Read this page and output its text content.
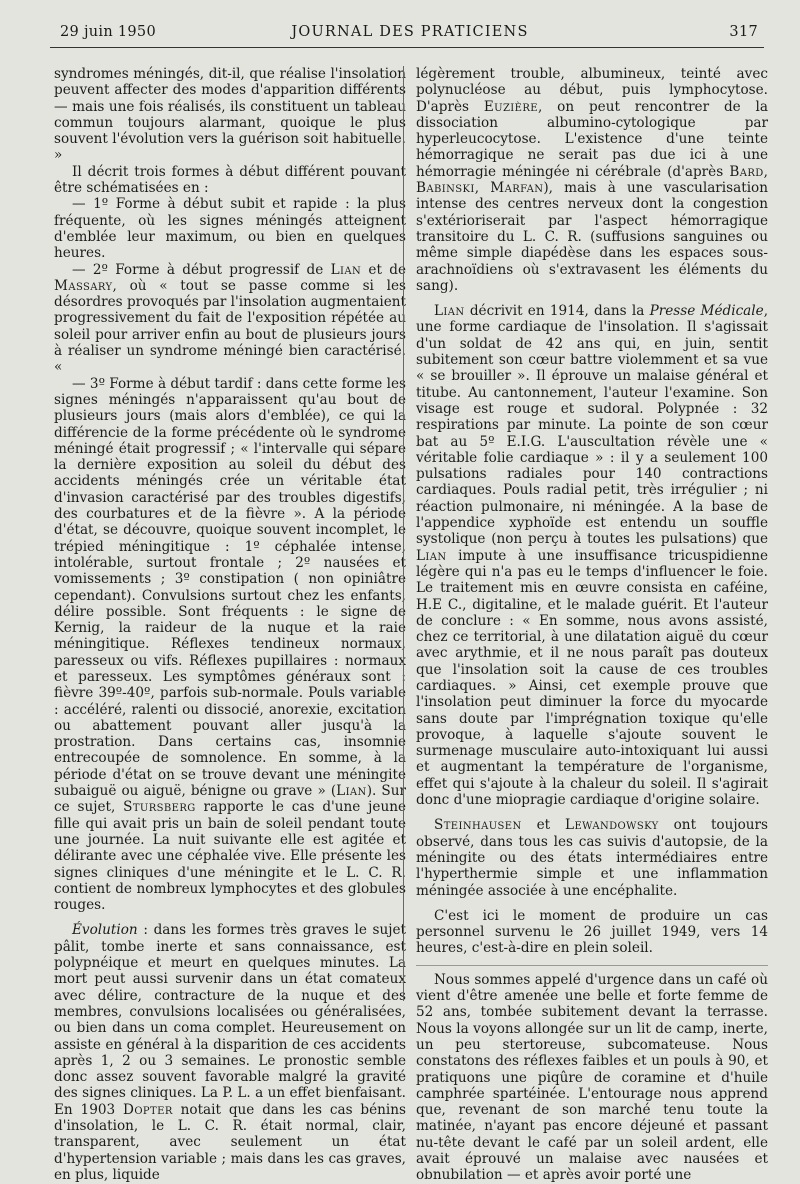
29 juin 1950	JOURNAL DES PRATICIENS	317

syndromes méningés, dit-il, que réalise l'insolation peuvent affecter des modes d'apparition différents — mais une fois réalisés, ils constituent un tableau commun toujours alarmant, quoique le plus souvent l'évolution vers la guérison soit habituelle. »

Il décrit trois formes à début différent pouvant être schématisées en :

— 1º Forme à début subit et rapide : la plus fréquente, où les signes méningés atteignent d'emblée leur maximum, ou bien en quelques heures.

— 2º Forme à début progressif de Lian et de Massary, où « tout se passe comme si les désordres provoqués par l'insolation augmentaient progressivement du fait de l'exposition répétée au soleil pour arriver enfin au bout de plusieurs jours à réaliser un syndrome méningé bien caractérisé. «

— 3º Forme à début tardif : dans cette forme les signes méningés n'apparaissent qu'au bout de plusieurs jours (mais alors d'emblée), ce qui la différencie de la forme précédente où le syndrome méningé était progressif ; « l'intervalle qui sépare la dernière exposition au soleil du début des accidents méningés crée un véritable état d'invasion caractérisé par des troubles digestifs, des courbatures et de la fièvre ». A la période d'état, se découvre, quoique souvent incomplet, le trépied méningitique : 1º céphalée intense, intolérable, surtout frontale ; 2º nausées et vomissements ; 3º constipation ( non opiniâtre cependant). Convulsions surtout chez les enfants, délire possible. Sont fréquents : le signe de Kernig, la raideur de la nuque et la raie méningitique. Réflexes tendineux normaux, paresseux ou vifs. Réflexes pupillaires : normaux et paresseux. Les symptômes généraux sont : fièvre 39º-40º, parfois sub-normale. Pouls variable : accéléré, ralenti ou dissocié, anorexie, excitation ou abattement pouvant aller jusqu'à la prostration. Dans certains cas, insomnie entrecoupée de somnolence. En somme, à la période d'état on se trouve devant une méningite subaiguë ou aiguë, bénigne ou grave » (Lian). Sur ce sujet, Stursberg rapporte le cas d'une jeune fille qui avait pris un bain de soleil pendant toute une journée. La nuit suivante elle est agitée et délirante avec une céphalée vive. Elle présente les signes cliniques d'une méningite et le L. C. R. contient de nombreux lymphocytes et des globules rouges.

Évolution : dans les formes très graves le sujet pâlit, tombe inerte et sans connaissance, est polypnéique et meurt en quelques minutes. La mort peut aussi survenir dans un état comateux avec délire, contracture de la nuque et des membres, convulsions localisées ou généralisées, ou bien dans un coma complet. Heureusement on assiste en général à la disparition de ces accidents après 1, 2 ou 3 semaines. Le pronostic semble donc assez souvent favorable malgré la gravité des signes cliniques. La P. L. a un effet bienfaisant. En 1903 Dopter notait que dans les cas bénins d'insolation, le L. C. R. était normal, clair, transparent, avec seulement un état d'hypertension variable ; mais dans les cas graves, en plus, liquide

légèrement trouble, albumineux, teinté avec polynucléose au début, puis lymphocytose. D'après Euzière, on peut rencontrer de la dissociation albumino-cytologique par hyperleucocytose. L'existence d'une teinte hémorragique ne serait pas due ici à une hémorragie méningée ni cérébrale (d'après Bard, Babinski, Marfan), mais à une vascularisation intense des centres nerveux dont la congestion s'extérioriserait par l'aspect hémorragique transitoire du L. C. R. (suffusions sanguines ou même simple diapédèse dans les espaces sous-arachnoïdiens où s'extravasent les éléments du sang).

Lian décrivit en 1914, dans la Presse Médicale, une forme cardiaque de l'insolation. Il s'agissait d'un soldat de 42 ans qui, en juin, sentit subitement son cœur battre violemment et sa vue « se brouiller ». Il éprouve un malaise général et titube. Au cantonnement, l'auteur l'examine. Son visage est rouge et sudoral. Polypnée : 32 respirations par minute. La pointe de son cœur bat au 5º E.I.G. L'auscultation révèle une « véritable folie cardiaque » : il y a seulement 100 pulsations radiales pour 140 contractions cardiaques. Pouls radial petit, très irrégulier ; ni réaction pulmonaire, ni méningée. A la base de l'appendice xyphoïde est entendu un souffle systolique (non perçu à toutes les pulsations) que Lian impute à une insuffisance tricuspidienne légère qui n'a pas eu le temps d'influencer le foie. Le traitement mis en œuvre consista en caféine, H.E C., digitaline, et le malade guérit. Et l'auteur de conclure : « En somme, nous avons assisté, chez ce territorial, à une dilatation aiguë du cœur avec arythmie, et il ne nous paraît pas douteux que l'insolation soit la cause de ces troubles cardiaques. » Ainsi, cet exemple prouve que l'insolation peut diminuer la force du myocarde sans doute par l'imprégnation toxique qu'elle provoque, à laquelle s'ajoute souvent le surmenage musculaire auto-intoxiquant lui aussi et augmentant la température de l'organisme, effet qui s'ajoute à la chaleur du soleil. Il s'agirait donc d'une miopragie cardiaque d'origine solaire.

Steinhausen et Lewandowsky ont toujours observé, dans tous les cas suivis d'autopsie, de la méningite ou des états intermédiaires entre l'hyperthermie simple et une inflammation méningée associée à une encéphalite.

C'est ici le moment de produire un cas personnel survenu le 26 juillet 1949, vers 14 heures, c'est-à-dire en plein soleil.

Nous sommes appelé d'urgence dans un café où vient d'être amenée une belle et forte femme de 52 ans, tombée subitement devant la terrasse. Nous la voyons allongée sur un lit de camp, inerte, un peu stertoreuse, subcomateuse. Nous constatons des réflexes faibles et un pouls à 90, et pratiquons une piqûre de coramine et d'huile camphrée spartéinée. L'entourage nous apprend que, revenant de son marché tenu toute la matinée, n'ayant pas encore déjeuné et passant nu-tête devant le café par un soleil ardent, elle avait éprouvé un malaise avec nausées et obnubilation — et après avoir porté une
